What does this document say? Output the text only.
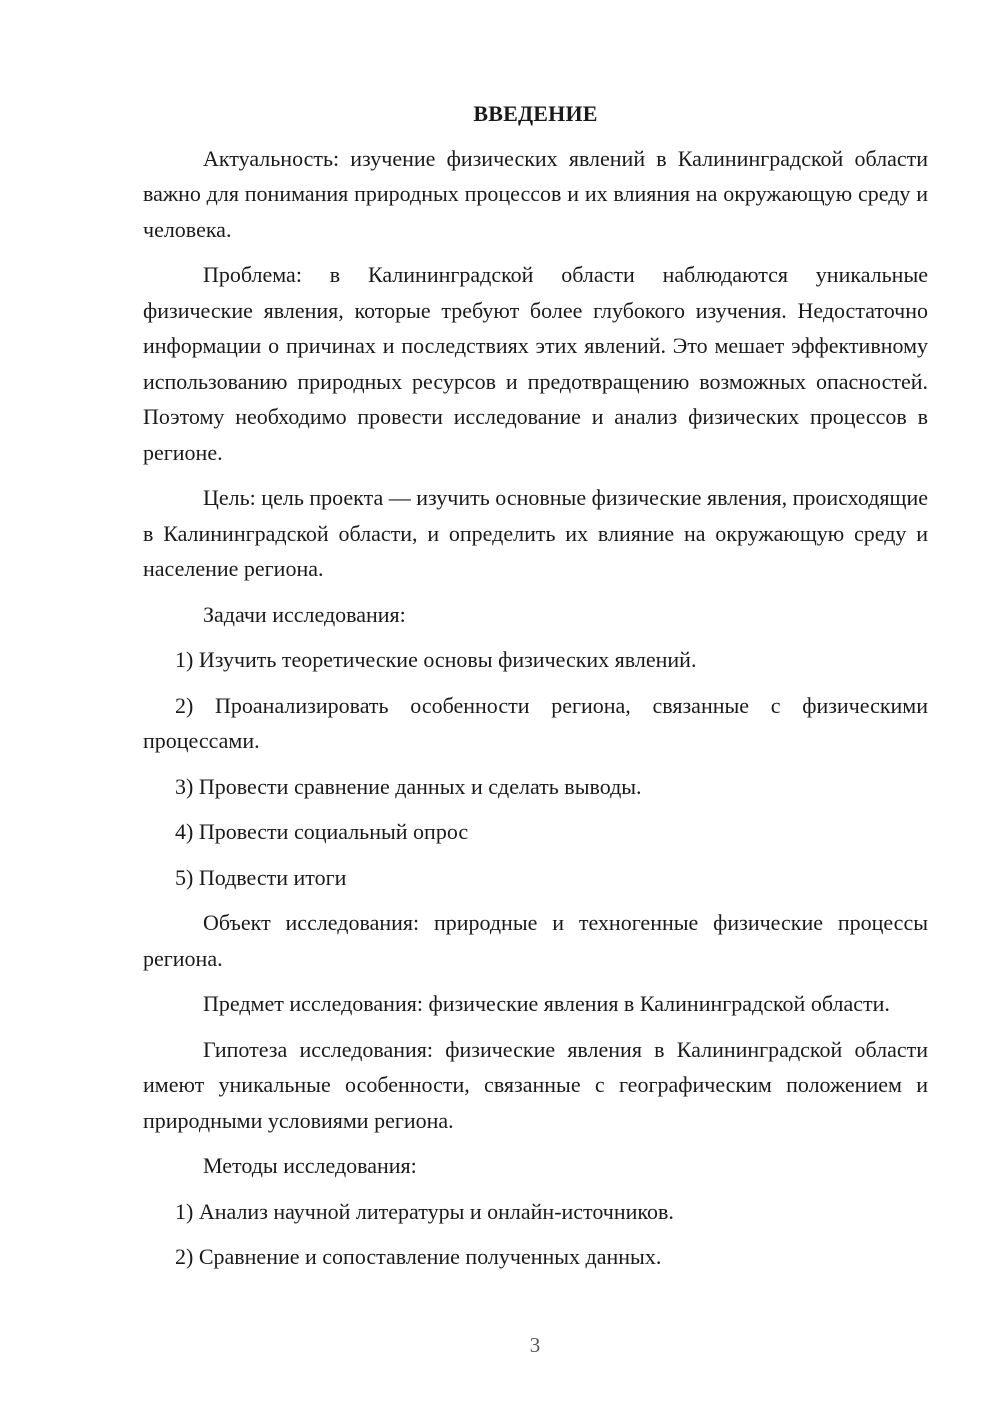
ВВЕДЕНИЕ

Актуальность: изучение физических явлений в Калининградской области важно для понимания природных процессов и их влияния на окружающую среду и человека.

Проблема: в Калининградской области наблюдаются уникальные физические явления, которые требуют более глубокого изучения. Недостаточно информации о причинах и последствиях этих явлений. Это мешает эффективному использованию природных ресурсов и предотвращению возможных опасностей. Поэтому необходимо провести исследование и анализ физических процессов в регионе.

Цель: цель проекта — изучить основные физические явления, происходящие в Калининградской области, и определить их влияние на окружающую среду и население региона.

Задачи исследования:

1) Изучить теоретические основы физических явлений.

2) Проанализировать особенности региона, связанные с физическими процессами.

3) Провести сравнение данных и сделать выводы.

4) Провести социальный опрос

5) Подвести итоги

Объект исследования: природные и техногенные физические процессы региона.

Предмет исследования: физические явления в Калининградской области.

Гипотеза исследования: физические явления в Калининградской области имеют уникальные особенности, связанные с географическим положением и природными условиями региона.

Методы исследования:

1) Анализ научной литературы и онлайн-источников.

2) Сравнение и сопоставление полученных данных.

3
